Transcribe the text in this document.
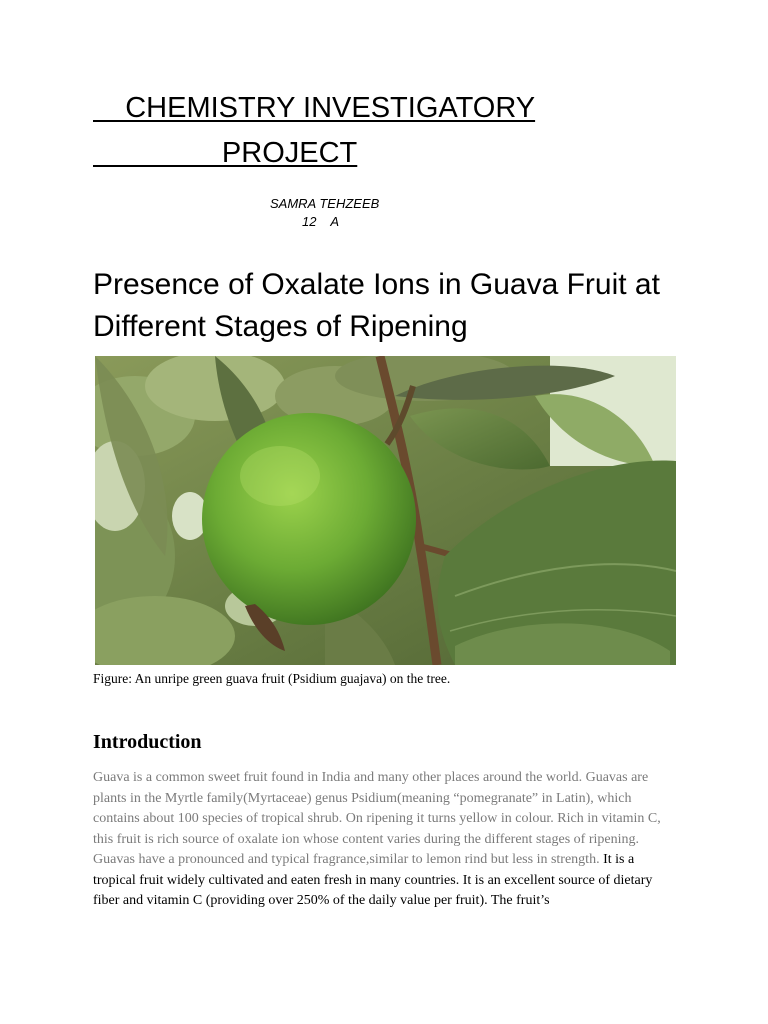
CHEMISTRY INVESTIGATORY
PROJECT
SAMRA TEHZEEB
12    A
Presence of Oxalate Ions in Guava Fruit at Different Stages of Ripening
Figure: An unripe green guava fruit (Psidium guajava) on the tree.
Introduction
Guava is a common sweet fruit found in India and many other places around the world. Guavas are plants in the Myrtle family(Myrtaceae) genus Psidium(meaning “pomegranate” in Latin), which contains about 100 species of tropical shrub. On ripening it turns yellow in colour. Rich in vitamin C, this fruit is rich source of oxalate ion whose content varies during the different stages of ripening. Guavas have a pronounced and typical fragrance,similar to lemon rind but less in strength. It is a tropical fruit widely cultivated and eaten fresh in many countries. It is an excellent source of dietary fiber and vitamin C (providing over 250% of the daily value per fruit). The fruit’s
